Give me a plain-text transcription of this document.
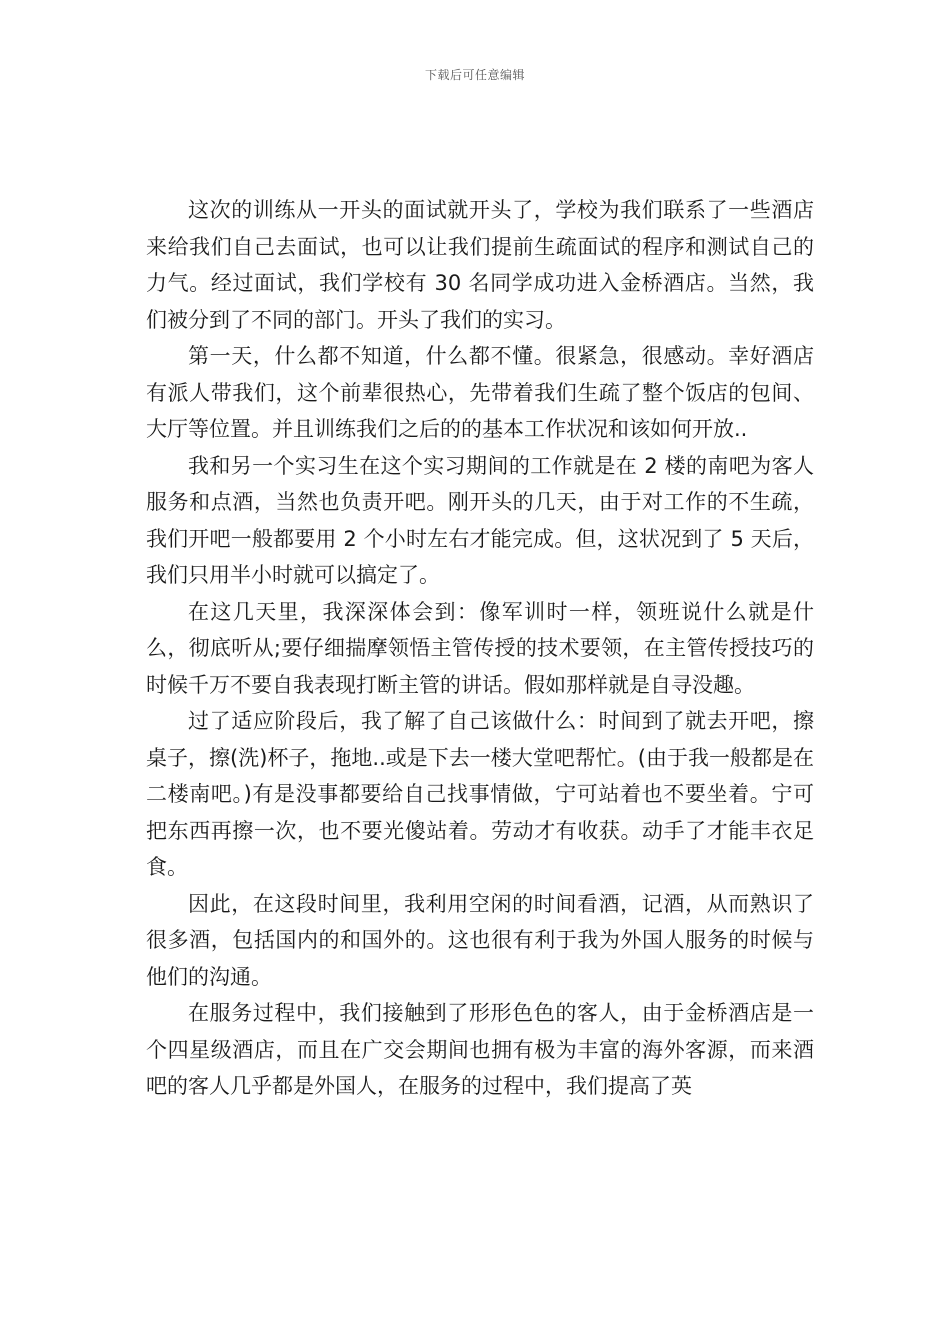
下载后可任意编辑

这次的训练从一开头的面试就开头了，学校为我们联系了一些酒店来给我们自己去面试，也可以让我们提前生疏面试的程序和测试自己的力气。经过面试，我们学校有 30 名同学成功进入金桥酒店。当然，我们被分到了不同的部门。开头了我们的实习。

第一天，什么都不知道，什么都不懂。很紧急，很感动。幸好酒店有派人带我们，这个前辈很热心，先带着我们生疏了整个饭店的包间、大厅等位置。并且训练我们之后的的基本工作状况和该如何开放..

我和另一个实习生在这个实习期间的工作就是在 2 楼的南吧为客人服务和点酒，当然也负责开吧。刚开头的几天，由于对工作的不生疏，我们开吧一般都要用 2 个小时左右才能完成。但，这状况到了 5 天后，我们只用半小时就可以搞定了。

在这几天里，我深深体会到：像军训时一样，领班说什么就是什么，彻底听从;要仔细揣摩领悟主管传授的技术要领，在主管传授技巧的时候千万不要自我表现打断主管的讲话。假如那样就是自寻没趣。

过了适应阶段后，我了解了自己该做什么：时间到了就去开吧，擦桌子，擦(洗)杯子，拖地..或是下去一楼大堂吧帮忙。(由于我一般都是在二楼南吧。)有是没事都要给自己找事情做，宁可站着也不要坐着。宁可把东西再擦一次，也不要光傻站着。劳动才有收获。动手了才能丰衣足食。

因此，在这段时间里，我利用空闲的时间看酒，记酒，从而熟识了很多酒，包括国内的和国外的。这也很有利于我为外国人服务的时候与他们的沟通。

在服务过程中，我们接触到了形形色色的客人，由于金桥酒店是一个四星级酒店，而且在广交会期间也拥有极为丰富的海外客源，而来酒吧的客人几乎都是外国人，在服务的过程中，我们提高了英
